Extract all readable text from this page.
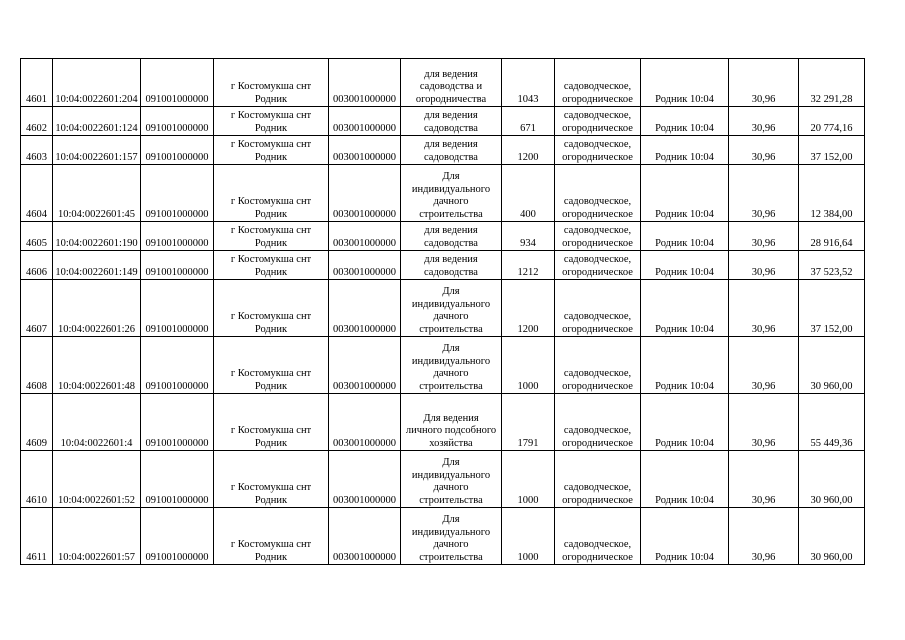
4601	10:04:0022601:204	091001000000	г Костомукша снт
Родник	003001000000	для ведения
садоводства и
огородничества	1043	садоводческое,
огородническое	Родник 10:04	30,96	32 291,28
4602	10:04:0022601:124	091001000000	г Костомукша снт
Родник	003001000000	для ведения
садоводства	671	садоводческое,
огородническое	Родник 10:04	30,96	20 774,16
4603	10:04:0022601:157	091001000000	г Костомукша снт
Родник	003001000000	для ведения
садоводства	1200	садоводческое,
огородническое	Родник 10:04	30,96	37 152,00
4604	10:04:0022601:45	091001000000	г Костомукша снт
Родник	003001000000	Для
индивидуального
дачного
строительства	400	садоводческое,
огородническое	Родник 10:04	30,96	12 384,00
4605	10:04:0022601:190	091001000000	г Костомукша снт
Родник	003001000000	для ведения
садоводства	934	садоводческое,
огородническое	Родник 10:04	30,96	28 916,64
4606	10:04:0022601:149	091001000000	г Костомукша снт
Родник	003001000000	для ведения
садоводства	1212	садоводческое,
огородническое	Родник 10:04	30,96	37 523,52
4607	10:04:0022601:26	091001000000	г Костомукша снт
Родник	003001000000	Для
индивидуального
дачного
строительства	1200	садоводческое,
огородническое	Родник 10:04	30,96	37 152,00
4608	10:04:0022601:48	091001000000	г Костомукша снт
Родник	003001000000	Для
индивидуального
дачного
строительства	1000	садоводческое,
огородническое	Родник 10:04	30,96	30 960,00
4609	10:04:0022601:4	091001000000	г Костомукша снт
Родник	003001000000	Для ведения
личного подсобного
хозяйства	1791	садоводческое,
огородническое	Родник 10:04	30,96	55 449,36
4610	10:04:0022601:52	091001000000	г Костомукша снт
Родник	003001000000	Для
индивидуального
дачного
строительства	1000	садоводческое,
огородническое	Родник 10:04	30,96	30 960,00
4611	10:04:0022601:57	091001000000	г Костомукша снт
Родник	003001000000	Для
индивидуального
дачного
строительства	1000	садоводческое,
огородническое	Родник 10:04	30,96	30 960,00
